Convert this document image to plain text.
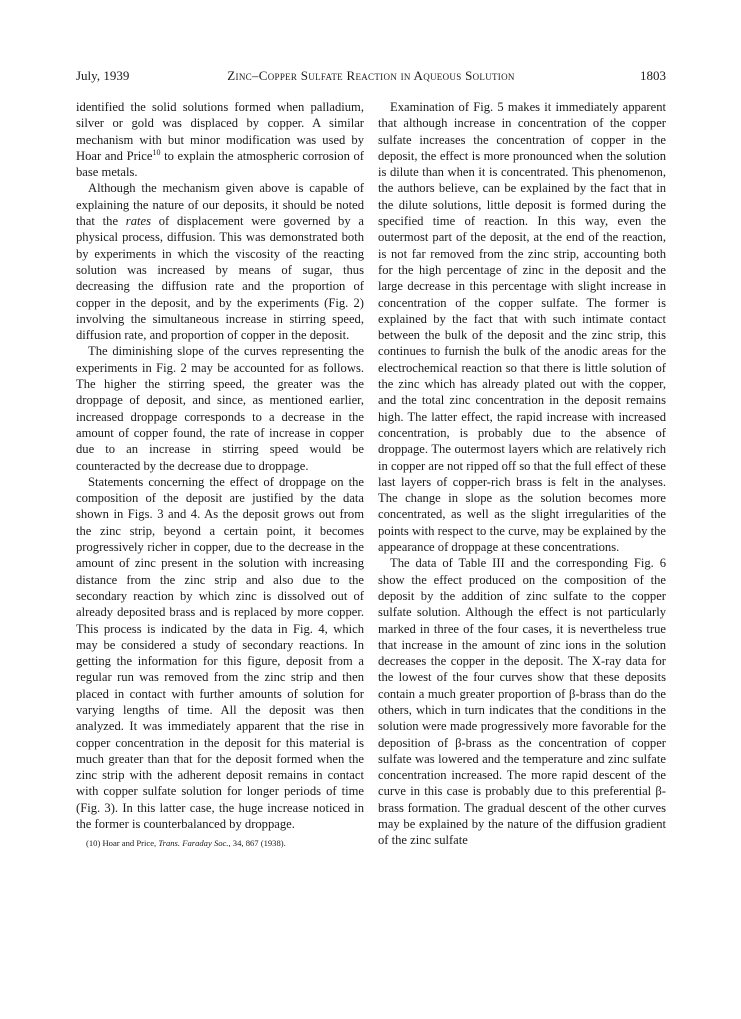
July, 1939	Zinc–Copper Sulfate Reaction in Aqueous Solution	1803

identified the solid solutions formed when palladium, silver or gold was displaced by copper. A similar mechanism with but minor modification was used by Hoar and Price$^{10}$ to explain the atmospheric corrosion of base metals.

Although the mechanism given above is capable of explaining the nature of our deposits, it should be noted that the rates of displacement were governed by a physical process, diffusion. This was demonstrated both by experiments in which the viscosity of the reacting solution was increased by means of sugar, thus decreasing the diffusion rate and the proportion of copper in the deposit, and by the experiments (Fig. 2) involving the simultaneous increase in stirring speed, diffusion rate, and proportion of copper in the deposit.

The diminishing slope of the curves representing the experiments in Fig. 2 may be accounted for as follows. The higher the stirring speed, the greater was the droppage of deposit, and since, as mentioned earlier, increased droppage corresponds to a decrease in the amount of copper found, the rate of increase in copper due to an increase in stirring speed would be counteracted by the decrease due to droppage.

Statements concerning the effect of droppage on the composition of the deposit are justified by the data shown in Figs. 3 and 4. As the deposit grows out from the zinc strip, beyond a certain point, it becomes progressively richer in copper, due to the decrease in the amount of zinc present in the solution with increasing distance from the zinc strip and also due to the secondary reaction by which zinc is dissolved out of already deposited brass and is replaced by more copper. This process is indicated by the data in Fig. 4, which may be considered a study of secondary reactions. In getting the information for this figure, deposit from a regular run was removed from the zinc strip and then placed in contact with further amounts of solution for varying lengths of time. All the deposit was then analyzed. It was immediately apparent that the rise in copper concentration in the deposit for this material is much greater than that for the deposit formed when the zinc strip with the adherent deposit remains in contact with copper sulfate solution for longer periods of time (Fig. 3). In this latter case, the huge increase noticed in the former is counterbalanced by droppage.

(10) Hoar and Price, Trans. Faraday Soc., 34, 867 (1938).

Examination of Fig. 5 makes it immediately apparent that although increase in concentration of the copper sulfate increases the concentration of copper in the deposit, the effect is more pronounced when the solution is dilute than when it is concentrated. This phenomenon, the authors believe, can be explained by the fact that in the dilute solutions, little deposit is formed during the specified time of reaction. In this way, even the outermost part of the deposit, at the end of the reaction, is not far removed from the zinc strip, accounting both for the high percentage of zinc in the deposit and the large decrease in this percentage with slight increase in concentration of the copper sulfate. The former is explained by the fact that with such intimate contact between the bulk of the deposit and the zinc strip, this continues to furnish the bulk of the anodic areas for the electrochemical reaction so that there is little solution of the zinc which has already plated out with the copper, and the total zinc concentration in the deposit remains high. The latter effect, the rapid increase with increased concentration, is probably due to the absence of droppage. The outermost layers which are relatively rich in copper are not ripped off so that the full effect of these last layers of copper-rich brass is felt in the analyses. The change in slope as the solution becomes more concentrated, as well as the slight irregularities of the points with respect to the curve, may be explained by the appearance of droppage at these concentrations.

The data of Table III and the corresponding Fig. 6 show the effect produced on the composition of the deposit by the addition of zinc sulfate to the copper sulfate solution. Although the effect is not particularly marked in three of the four cases, it is nevertheless true that increase in the amount of zinc ions in the solution decreases the copper in the deposit. The X-ray data for the lowest of the four curves show that these deposits contain a much greater proportion of β-brass than do the others, which in turn indicates that the conditions in the solution were made progressively more favorable for the deposition of β-brass as the concentration of copper sulfate was lowered and the temperature and zinc sulfate concentration increased. The more rapid descent of the curve in this case is probably due to this preferential β-brass formation. The gradual descent of the other curves may be explained by the nature of the diffusion gradient of the zinc sulfate
